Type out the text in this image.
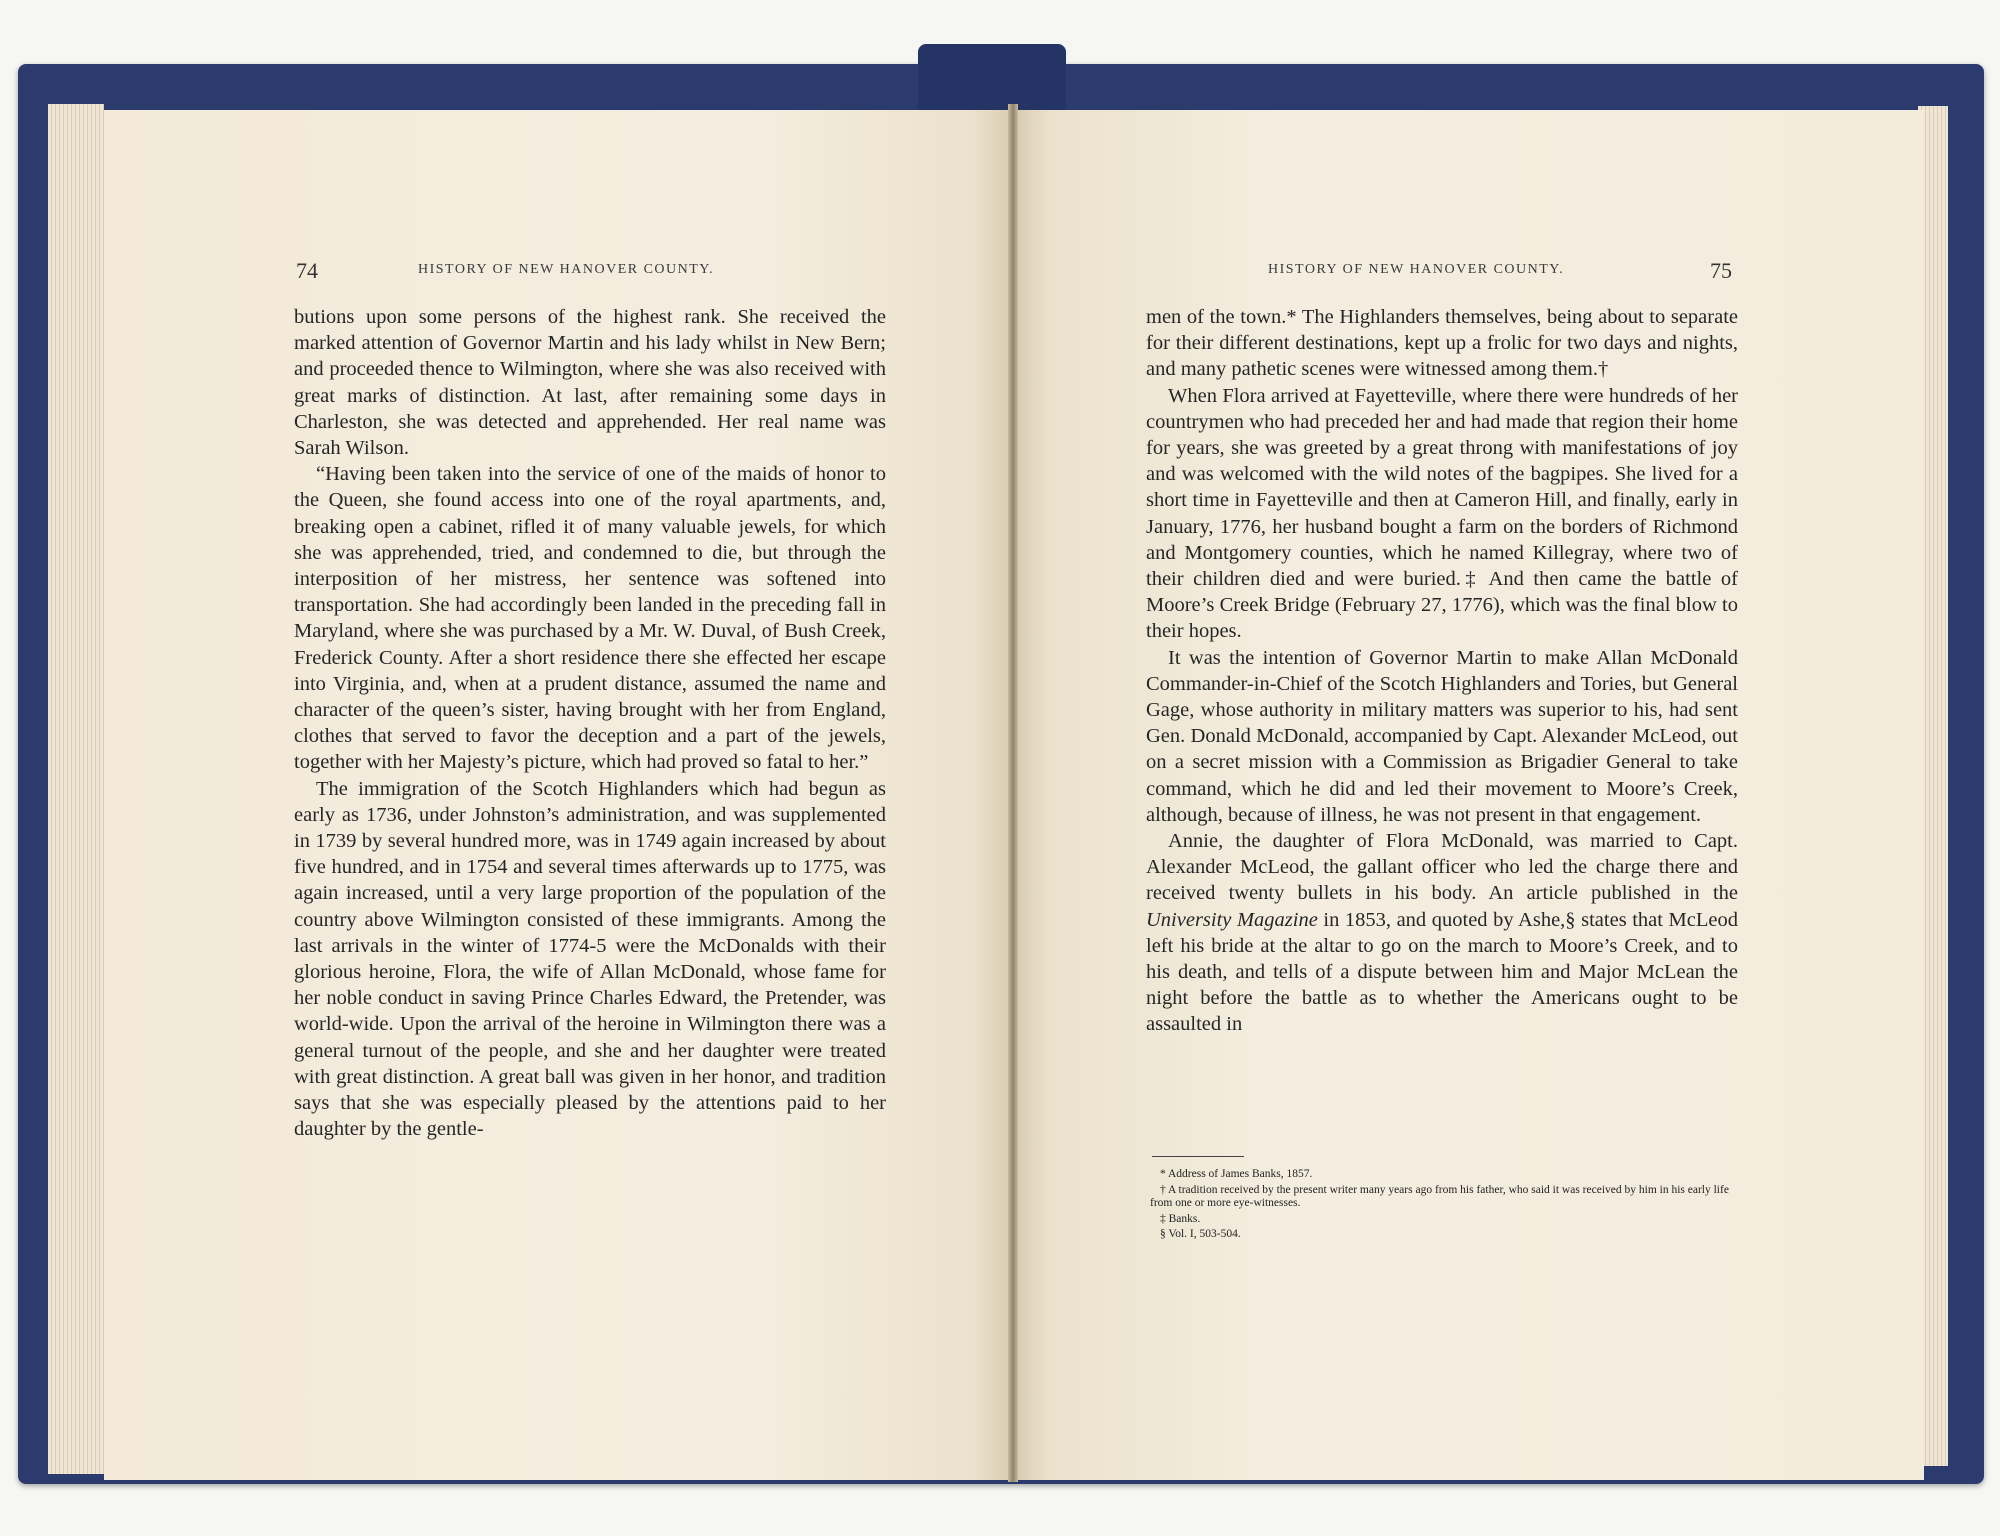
74	HISTORY OF NEW HANOVER COUNTY.

butions upon some persons of the highest rank. She received the marked attention of Governor Martin and his lady whilst in New Bern; and proceeded thence to Wilmington, where she was also received with great marks of distinction. At last, after remaining some days in Charleston, she was detected and apprehended. Her real name was Sarah Wilson.

“Having been taken into the service of one of the maids of honor to the Queen, she found access into one of the royal apartments, and, breaking open a cabinet, rifled it of many valuable jewels, for which she was apprehended, tried, and condemned to die, but through the interposition of her mistress, her sentence was softened into transportation. She had accordingly been landed in the preceding fall in Maryland, where she was purchased by a Mr. W. Duval, of Bush Creek, Frederick County. After a short residence there she effected her escape into Virginia, and, when at a prudent distance, assumed the name and character of the queen’s sister, having brought with her from England, clothes that served to favor the deception and a part of the jewels, together with her Majesty’s picture, which had proved so fatal to her.”

The immigration of the Scotch Highlanders which had begun as early as 1736, under Johnston’s administration, and was supplemented in 1739 by several hundred more, was in 1749 again increased by about five hundred, and in 1754 and several times afterwards up to 1775, was again increased, until a very large proportion of the population of the country above Wilmington consisted of these immigrants. Among the last arrivals in the winter of 1774-5 were the McDonalds with their glorious heroine, Flora, the wife of Allan McDonald, whose fame for her noble conduct in saving Prince Charles Edward, the Pretender, was world-wide. Upon the arrival of the heroine in Wilmington there was a general turnout of the people, and she and her daughter were treated with great distinction. A great ball was given in her honor, and tradition says that she was especially pleased by the attentions paid to her daughter by the gentle-

HISTORY OF NEW HANOVER COUNTY.	75

men of the town.* The Highlanders themselves, being about to separate for their different destinations, kept up a frolic for two days and nights, and many pathetic scenes were witnessed among them.†

When Flora arrived at Fayetteville, where there were hundreds of her countrymen who had preceded her and had made that region their home for years, she was greeted by a great throng with manifestations of joy and was welcomed with the wild notes of the bagpipes. She lived for a short time in Fayetteville and then at Cameron Hill, and finally, early in January, 1776, her husband bought a farm on the borders of Richmond and Montgomery counties, which he named Killegray, where two of their children died and were buried.‡ And then came the battle of Moore’s Creek Bridge (February 27, 1776), which was the final blow to their hopes.

It was the intention of Governor Martin to make Allan McDonald Commander-in-Chief of the Scotch Highlanders and Tories, but General Gage, whose authority in military matters was superior to his, had sent Gen. Donald McDonald, accompanied by Capt. Alexander McLeod, out on a secret mission with a Commission as Brigadier General to take command, which he did and led their movement to Moore’s Creek, although, because of illness, he was not present in that engagement.

Annie, the daughter of Flora McDonald, was married to Capt. Alexander McLeod, the gallant officer who led the charge there and received twenty bullets in his body. An article published in the University Magazine in 1853, and quoted by Ashe,§ states that McLeod left his bride at the altar to go on the march to Moore’s Creek, and to his death, and tells of a dispute between him and Major McLean the night before the battle as to whether the Americans ought to be assaulted in

* Address of James Banks, 1857.

† A tradition received by the present writer many years ago from his father, who said it was received by him in his early life from one or more eye-witnesses.

‡ Banks.

§ Vol. I, 503-504.
